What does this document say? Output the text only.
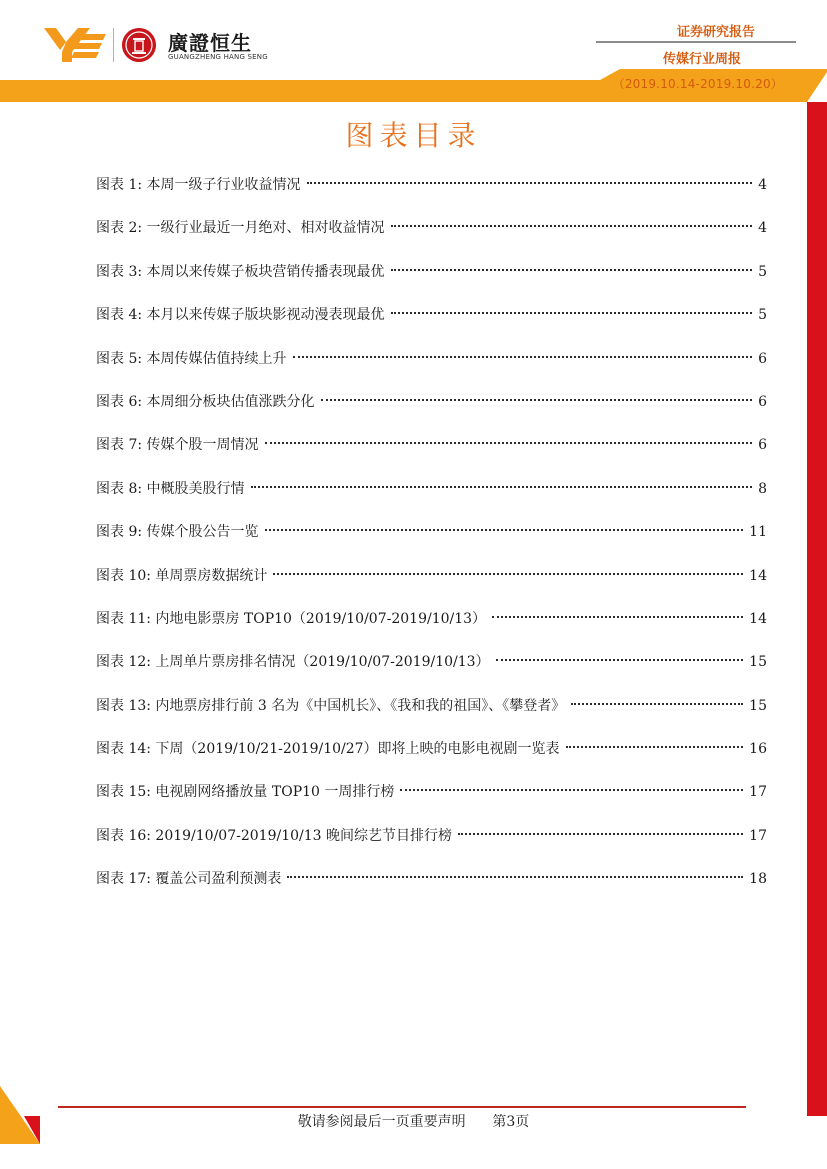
廣證恒生
GUANGZHENG HANG SENG
证券研究报告
传媒行业周报
（2019.10.14-2019.10.20）
图表目录
图表 1: 本周一级子行业收益情况	4
图表 2: 一级行业最近一月绝对、相对收益情况	4
图表 3: 本周以来传媒子板块营销传播表现最优	5
图表 4: 本月以来传媒子版块影视动漫表现最优	5
图表 5: 本周传媒估值持续上升	6
图表 6: 本周细分板块估值涨跌分化	6
图表 7: 传媒个股一周情况	6
图表 8: 中概股美股行情	8
图表 9: 传媒个股公告一览	11
图表 10: 单周票房数据统计	14
图表 11: 内地电影票房 TOP10（2019/10/07-2019/10/13）	14
图表 12: 上周单片票房排名情况（2019/10/07-2019/10/13）	15
图表 13: 内地票房排行前 3 名为《中国机长》、《我和我的祖国》、《攀登者》	15
图表 14: 下周（2019/10/21-2019/10/27）即将上映的电影电视剧一览表	16
图表 15: 电视剧网络播放量 TOP10 一周排行榜	17
图表 16: 2019/10/07-2019/10/13 晚间综艺节目排行榜	17
图表 17: 覆盖公司盈利预测表	18
敬请参阅最后一页重要声明 第3页
